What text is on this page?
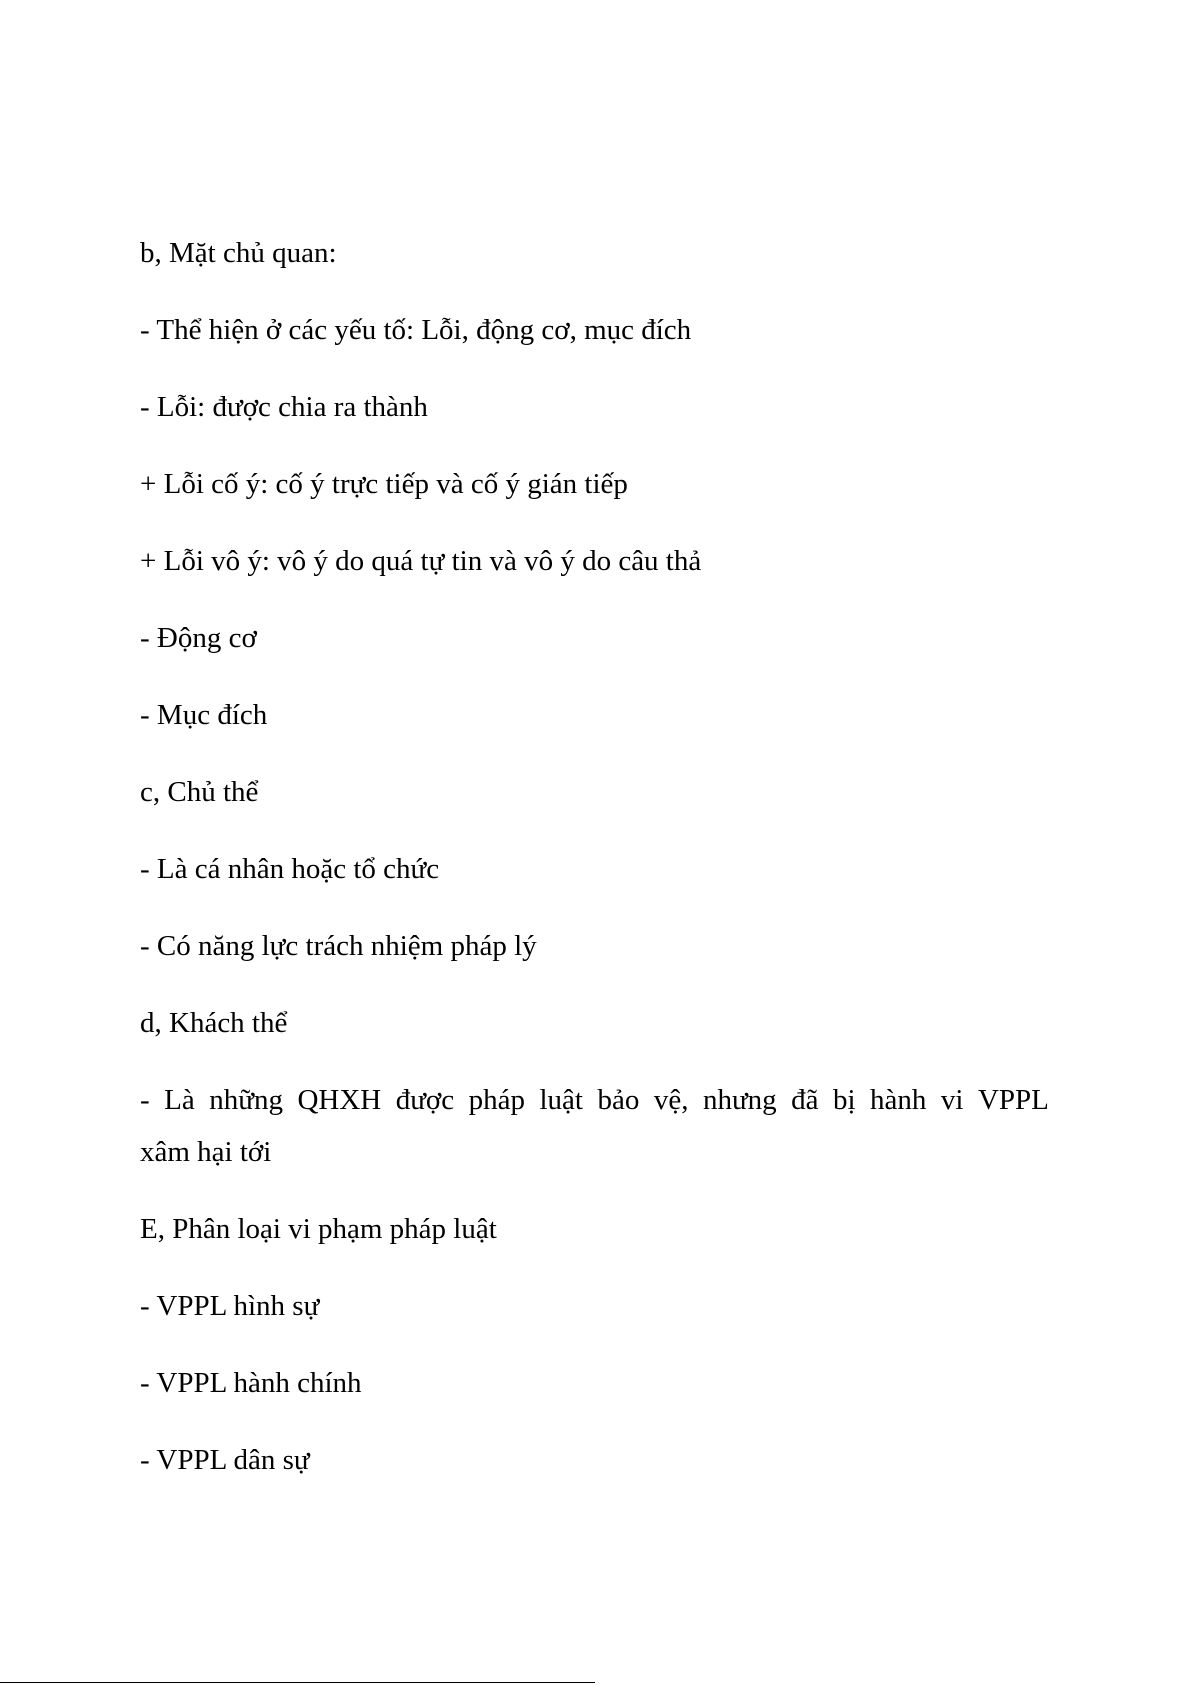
b, Mặt chủ quan:
- Thể hiện ở các yếu tố: Lỗi, động cơ, mục đích
- Lỗi: được chia ra thành
+ Lỗi cố ý: cố ý trực tiếp và cố ý gián tiếp
+ Lỗi vô ý: vô ý do quá tự tin và vô ý do câu thả
- Động cơ
- Mục đích
c, Chủ thể
- Là cá nhân hoặc tổ chức
- Có năng lực trách nhiệm pháp lý
d, Khách thể
- Là những QHXH được pháp luật bảo vệ, nhưng đã bị hành vi VPPL
xâm hại tới
E, Phân loại vi phạm pháp luật
- VPPL hình sự
- VPPL hành chính
- VPPL dân sự
